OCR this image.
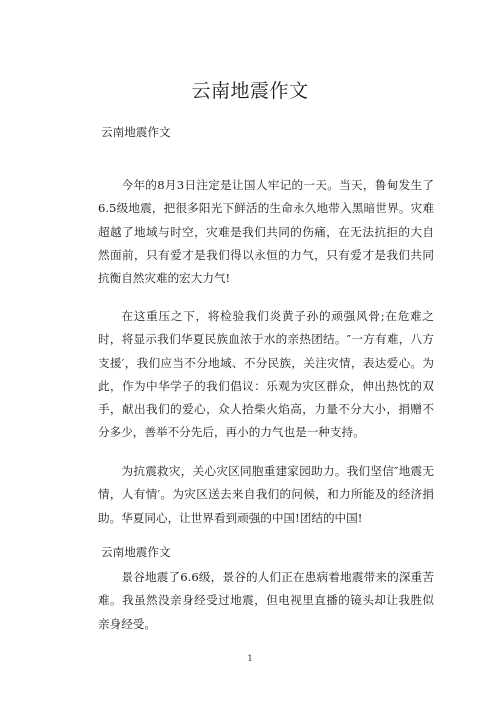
云南地震作文
云南地震作文

今年的8月3日注定是让国人牢记的一天。当天，鲁甸发生了6.5级地震，把很多阳光下鲜活的生命永久地带入黑暗世界。灾难超越了地域与时空，灾难是我们共同的伤痛，在无法抗拒的大自然面前，只有爱才是我们得以永恒的力气，只有爱才是我们共同抗衡自然灾难的宏大力气!

在这重压之下，将检验我们炎黄子孙的顽强风骨;在危难之时，将显示我们华夏民族血浓于水的亲热团结。″一方有难，八方支援′，我们应当不分地域、不分民族，关注灾情，表达爱心。为此，作为中华学子的我们倡议：乐观为灾区群众，伸出热忱的双手，献出我们的爱心，众人拾柴火焰高，力量不分大小，捐赠不分多少，善举不分先后，再小的力气也是一种支持。

为抗震救灾，关心灾区同胞重建家园助力。我们坚信″地震无情，人有情′。为灾区送去来自我们的问候，和力所能及的经济捐助。华夏同心，让世界看到顽强的中国!团结的中国!

云南地震作文

景谷地震了6.6级，景谷的人们正在患病着地震带来的深重苦难。我虽然没亲身经受过地震，但电视里直播的镜头却让我胜似亲身经受。

1
